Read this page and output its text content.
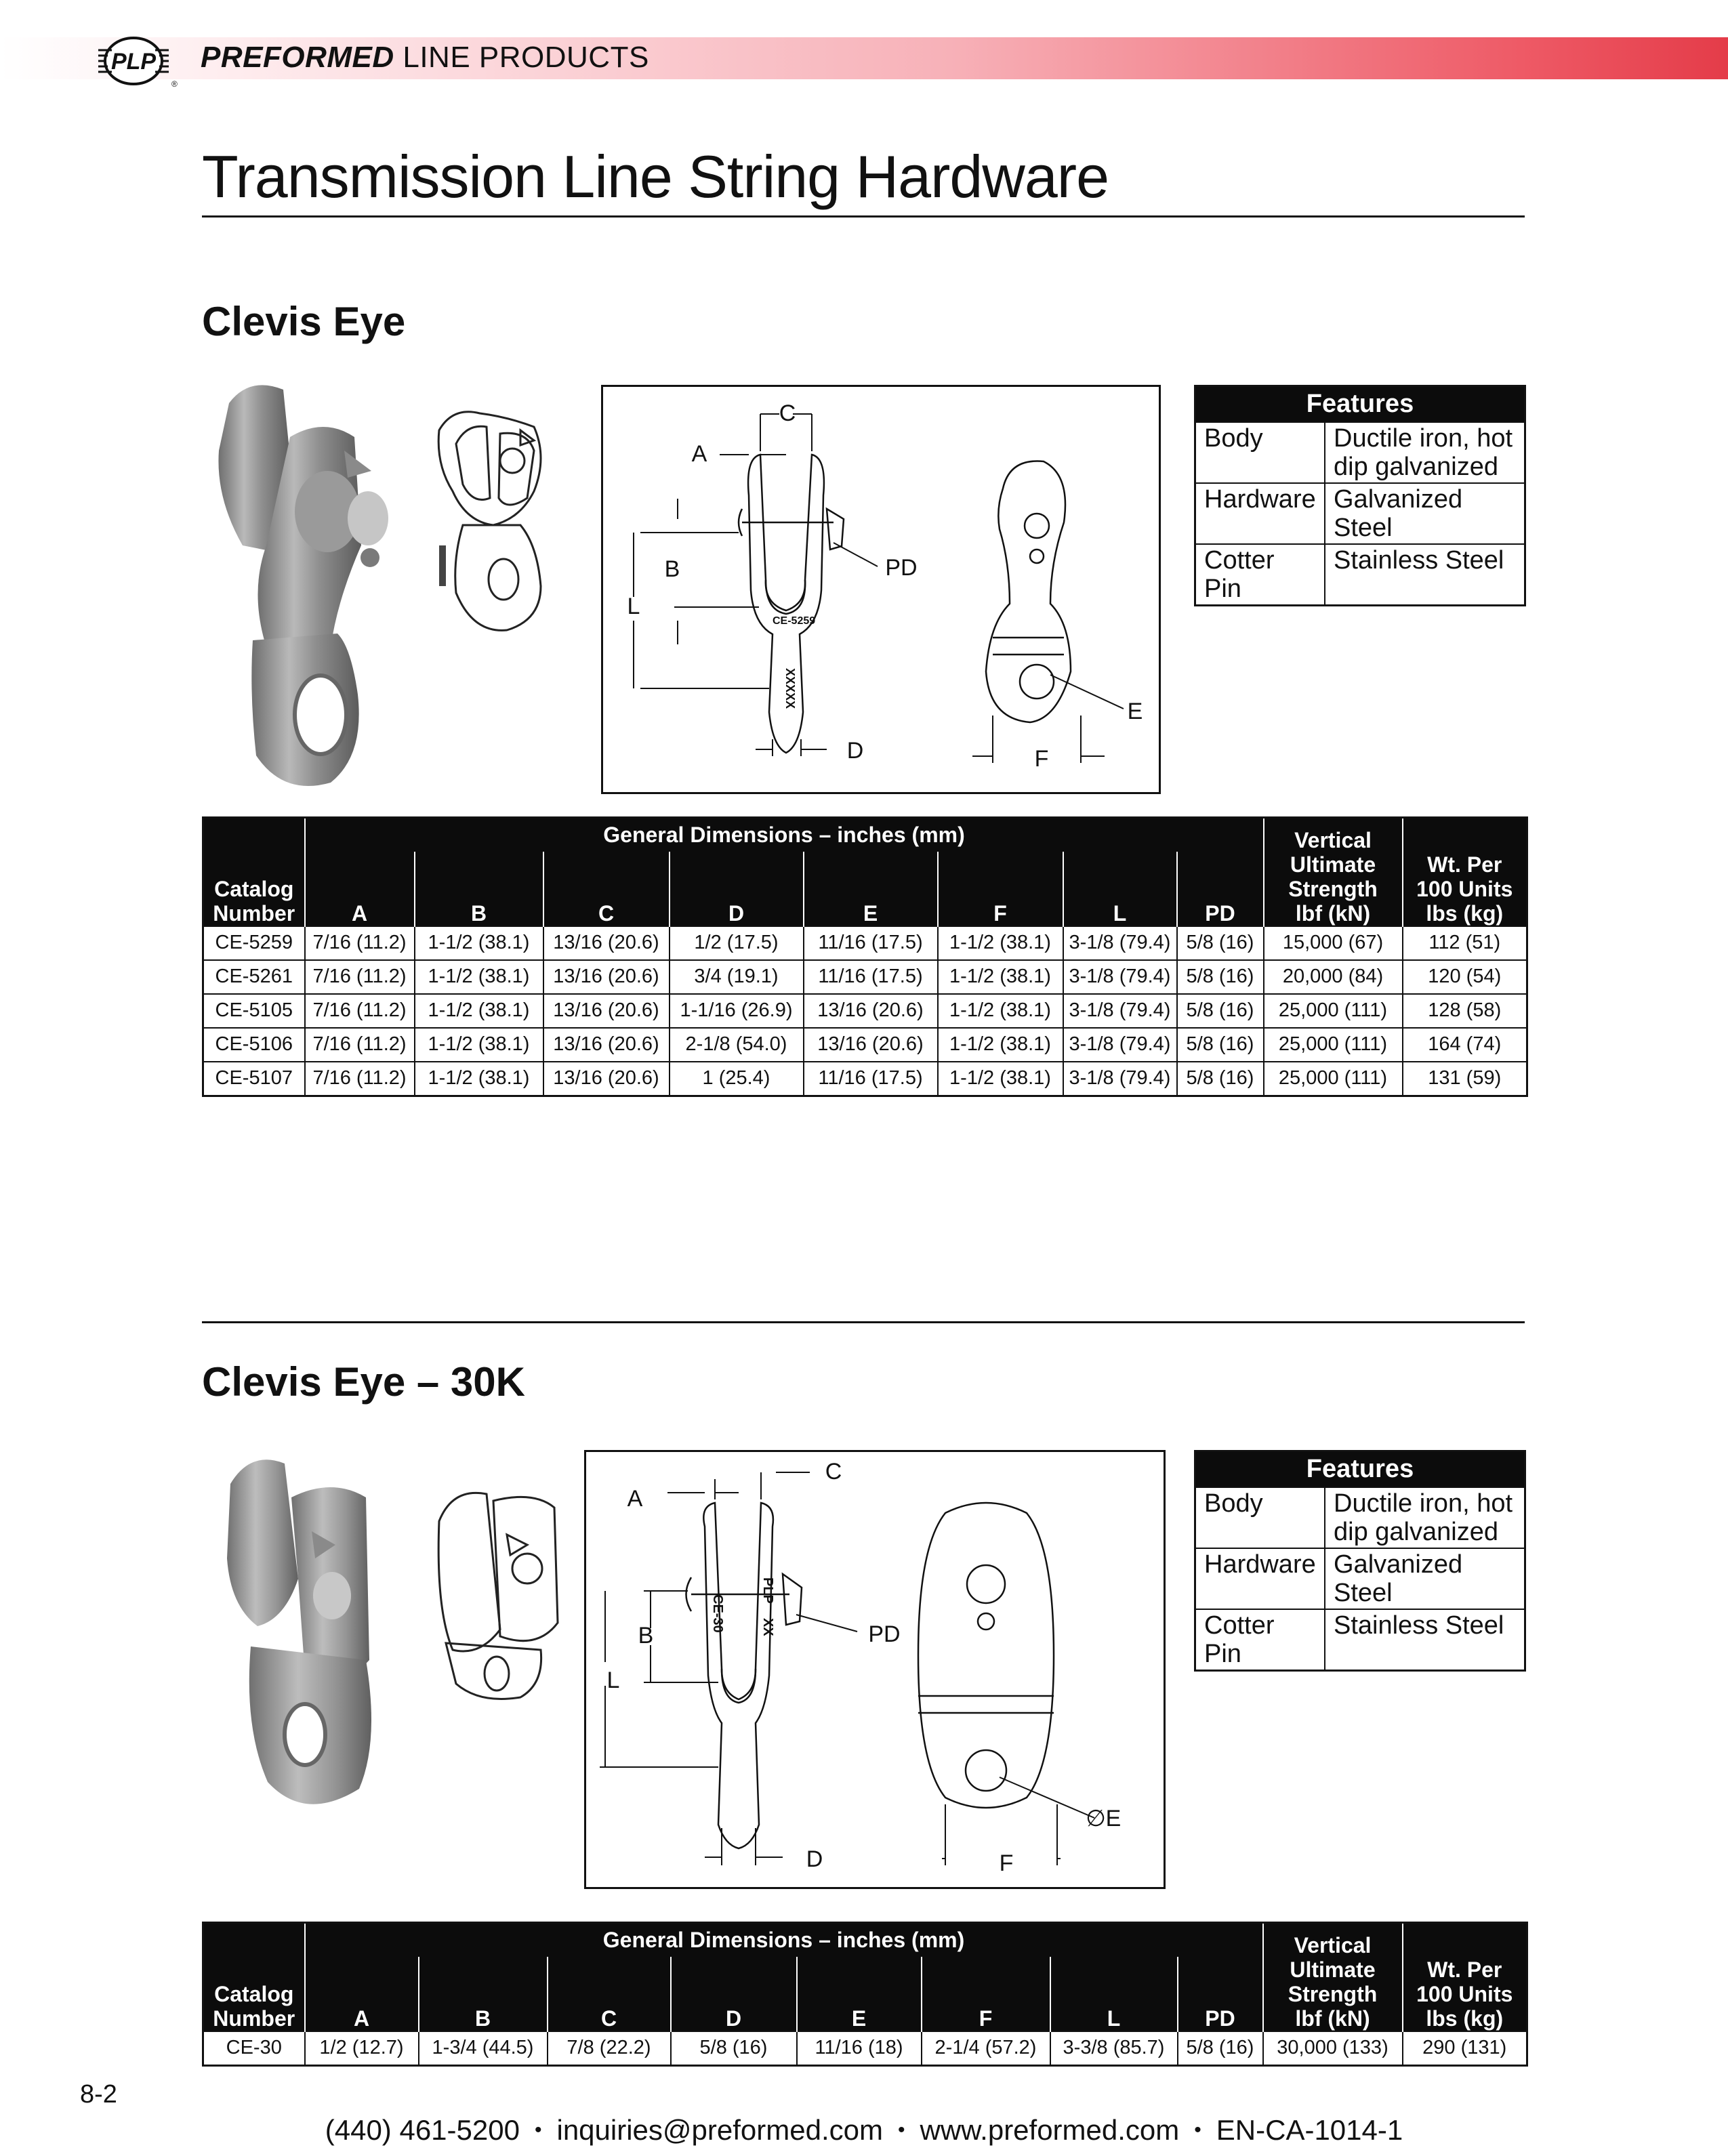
PLP
®
PREFORMED LINE PRODUCTS
Transmission Line String Hardware
Clevis Eye
C
A
B
L
PD
D
E
F
CE-5259
XXXXX
Features	
Body	Ductile iron, hot
dip galvanized
Hardware	Galvanized Steel
Cotter Pin	Stainless Steel
Catalog
Number	General Dimensions – inches (mm)								Vertical
Ultimate
Strength
lbf (kN)	Wt. Per
100 Units
lbs (kg)
	A	B	C	D	E	F	L	PD		
CE-5259	7/16 (11.2)	1-1/2 (38.1)	13/16 (20.6)	1/2 (17.5)	11/16 (17.5)	1-1/2 (38.1)	3-1/8 (79.4)	5/8 (16)	15,000 (67)	112 (51)
CE-5261	7/16 (11.2)	1-1/2 (38.1)	13/16 (20.6)	3/4 (19.1)	11/16 (17.5)	1-1/2 (38.1)	3-1/8 (79.4)	5/8 (16)	20,000 (84)	120 (54)
CE-5105	7/16 (11.2)	1-1/2 (38.1)	13/16 (20.6)	1-1/16 (26.9)	13/16 (20.6)	1-1/2 (38.1)	3-1/8 (79.4)	5/8 (16)	25,000 (111)	128 (58)
CE-5106	7/16 (11.2)	1-1/2 (38.1)	13/16 (20.6)	2-1/8 (54.0)	13/16 (20.6)	1-1/2 (38.1)	3-1/8 (79.4)	5/8 (16)	25,000 (111)	164 (74)
CE-5107	7/16 (11.2)	1-1/2 (38.1)	13/16 (20.6)	1 (25.4)	11/16 (17.5)	1-1/2 (38.1)	3-1/8 (79.4)	5/8 (16)	25,000 (111)	131 (59)
Clevis Eye – 30K
C
A
B
L
PD
D	F
E
∅
CE-30
PLP
XX
Features	
Body	Ductile iron, hot
dip galvanized
Hardware	Galvanized Steel
Cotter Pin	Stainless Steel
Catalog
Number	General Dimensions – inches (mm)								Vertical
Ultimate
Strength
lbf (kN)	Wt. Per
100 Units
lbs (kg)
	A	B	C	D	E	F	L	PD		
CE-30	1/2 (12.7)	1-3/4 (44.5)	7/8 (22.2)	5/8 (16)	11/16 (18)	2-1/4 (57.2)	3-3/8 (85.7)	5/8 (16)	30,000 (133)	290 (131)
8-2
(440) 461-5200 • inquiries@preformed.com • www.preformed.com • EN-CA-1014-1
